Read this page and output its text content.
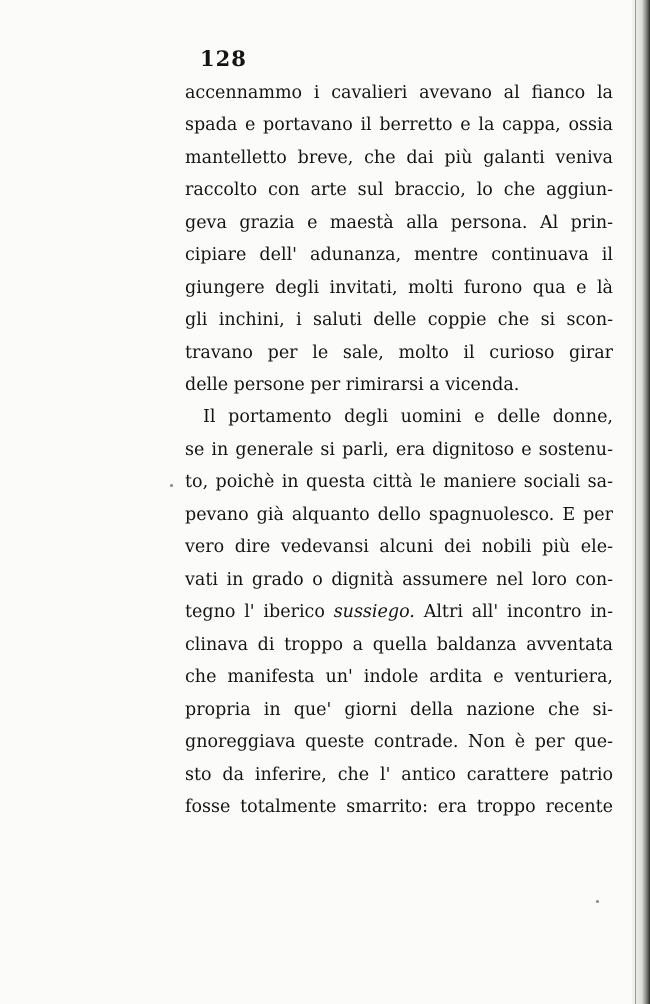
128
accennammo i cavalieri avevano al fianco la
spada e portavano il berretto e la cappa, ossia
mantelletto breve, che dai più galanti veniva
raccolto con arte sul braccio, lo che aggiun-
geva grazia e maestà alla persona. Al prin-
cipiare dell' adunanza, mentre continuava il
giungere degli invitati, molti furono qua e là
gli inchini, i saluti delle coppie che si scon-
travano per le sale, molto il curioso girar
delle persone per rimirarsi a vicenda.
Il portamento degli uomini e delle donne,
se in generale si parli, era dignitoso e sostenu-
to, poichè in questa città le maniere sociali sa-
pevano già alquanto dello spagnuolesco. E per
vero dire vedevansi alcuni dei nobili più ele-
vati in grado o dignità assumere nel loro con-
tegno l' iberico sussiego. Altri all' incontro in-
clinava di troppo a quella baldanza avventata
che manifesta un' indole ardita e venturiera,
propria in que' giorni della nazione che si-
gnoreggiava queste contrade. Non è per que-
sto da inferire, che l' antico carattere patrio
fosse totalmente smarrito: era troppo recente
